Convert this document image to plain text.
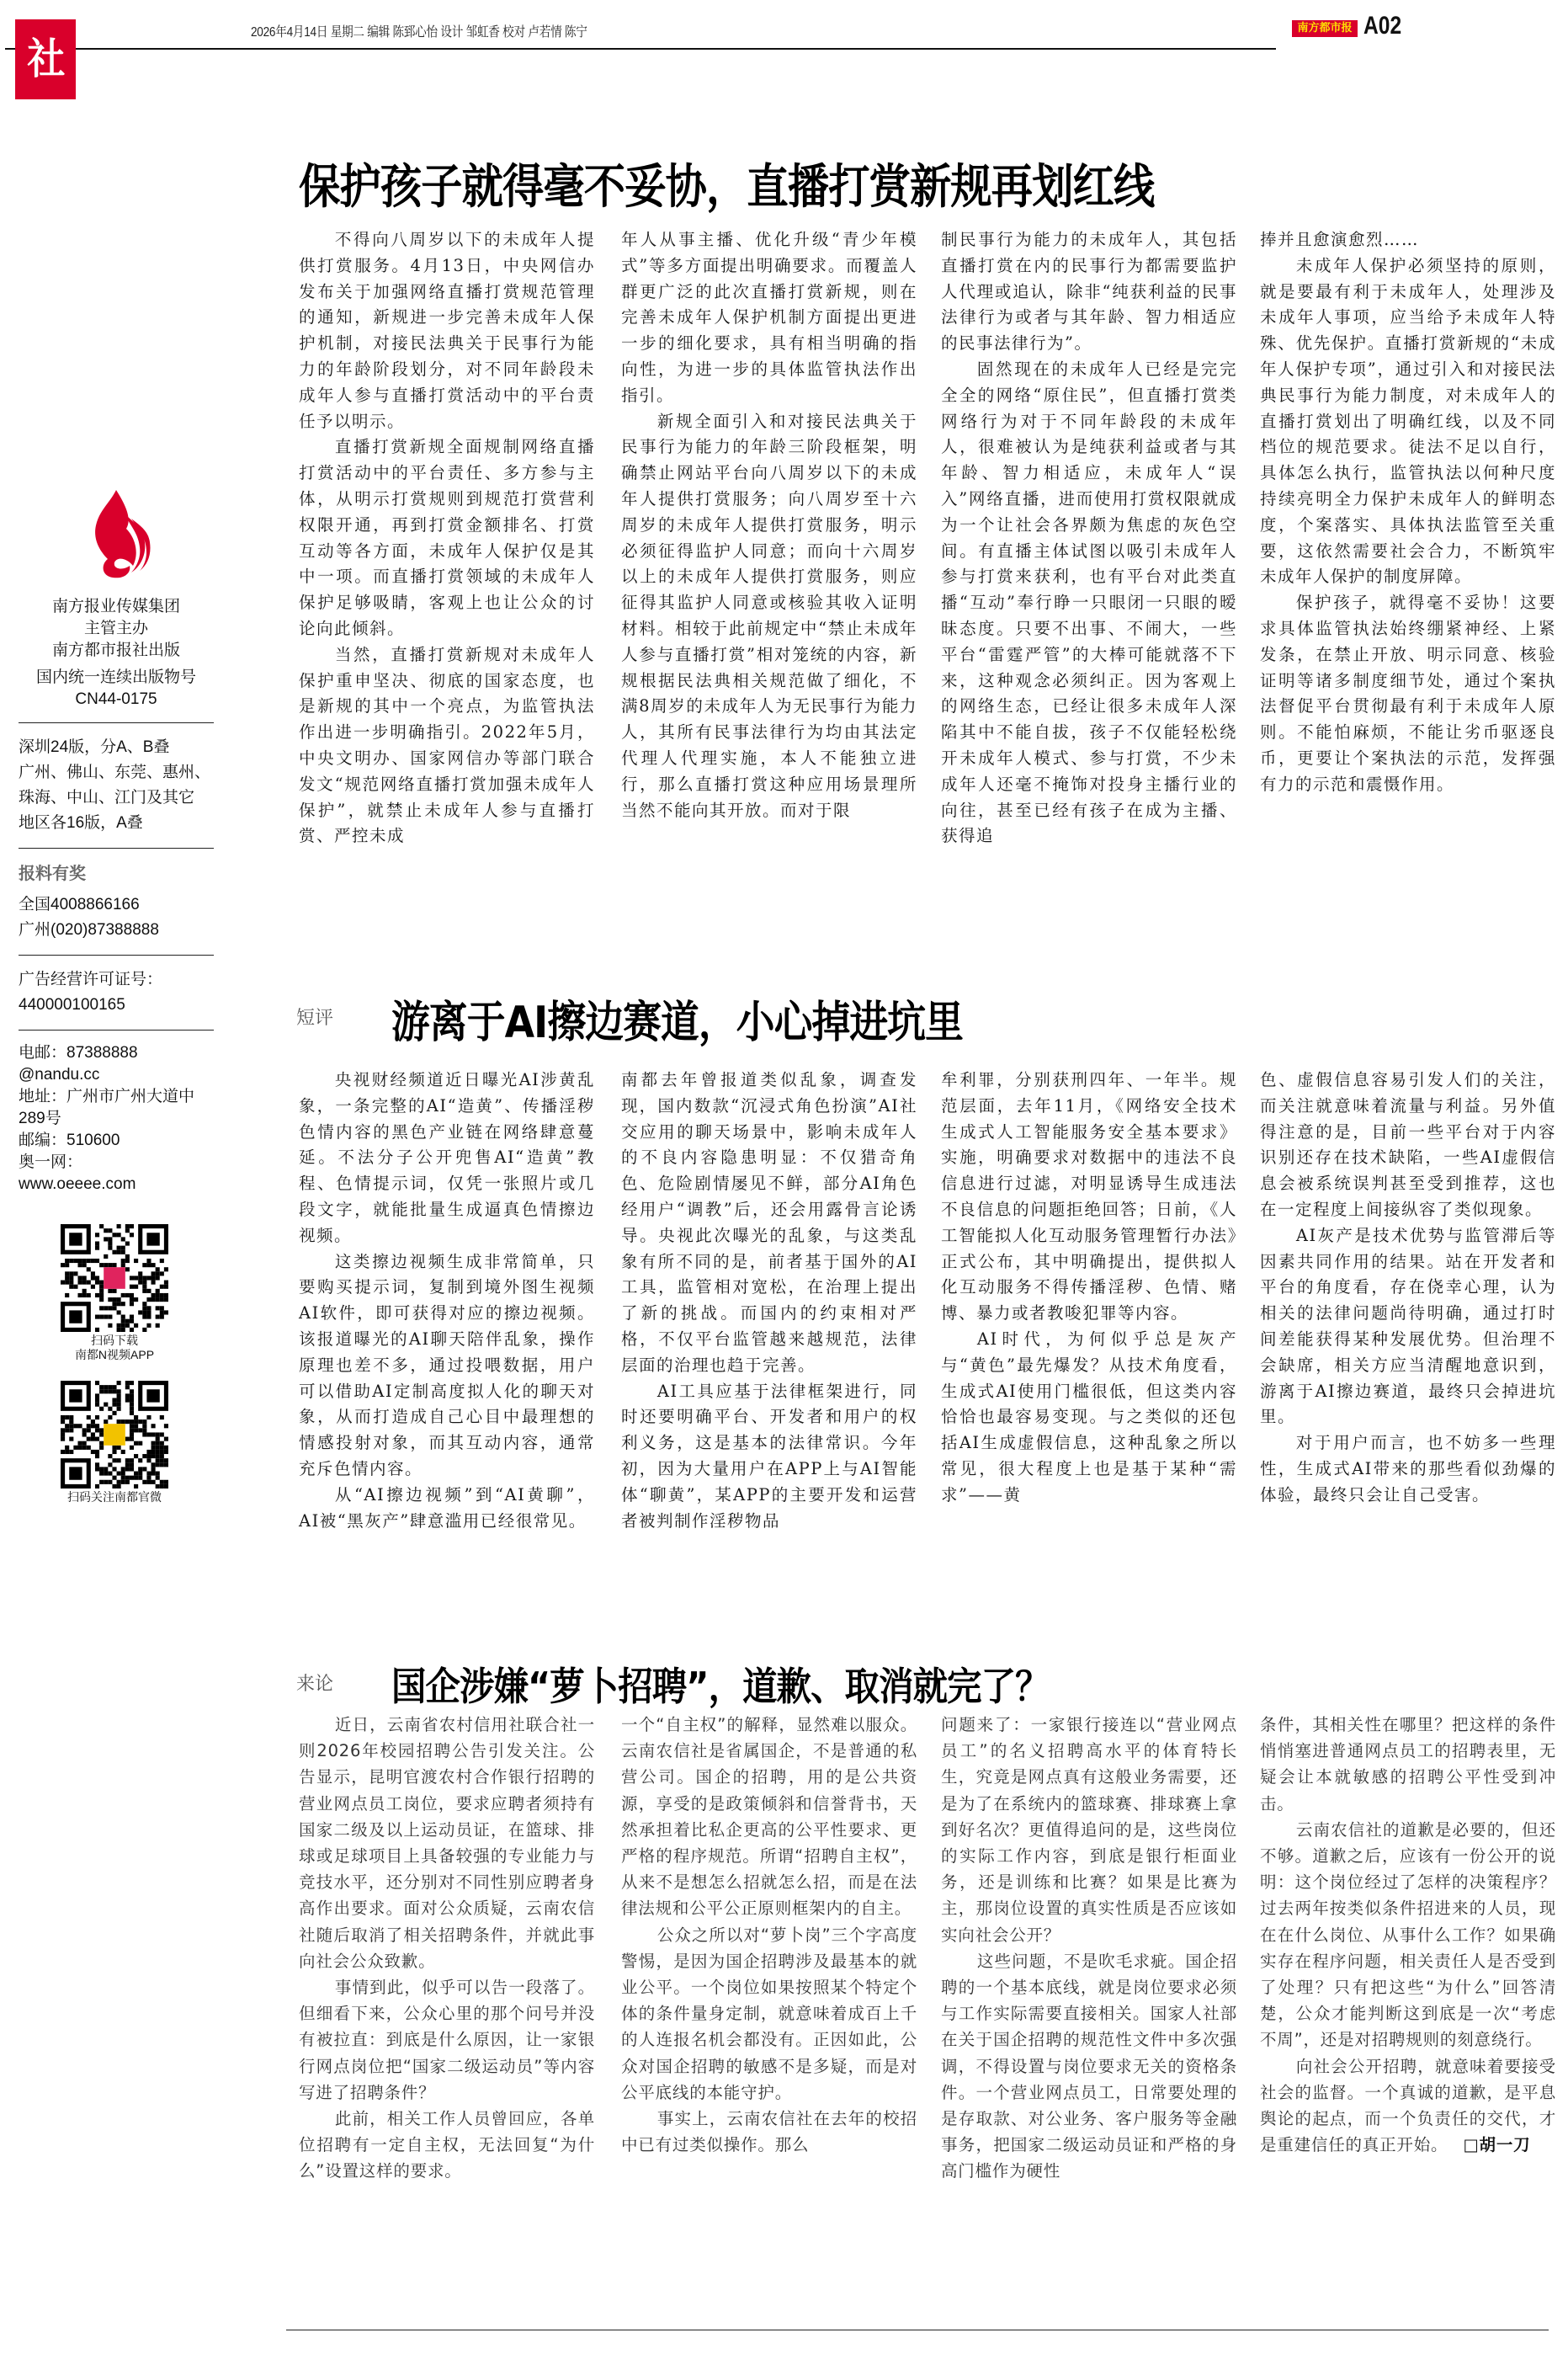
社论
2026年4月14日 星期二 编辑 陈郅心怡 设计 邹虹香 校对 卢若情 陈宁	南方都市报 A02
南方报业传媒集团
主管主办
南方都市报社出版
国内统一连续出版物号
CN44-0175
深圳24版，分A、B叠
广州、佛山、东莞、惠州、
珠海、中山、江门及其它
地区各16版，A叠
报料有奖
全国4008866166
广州(020)87388888
广告经营许可证号：
440000100165
电邮：87388888
@nandu.cc
地址：广州市广州大道中
289号
邮编：510600
奥一网：
www.oeeee.com
扫码下载
南都N视频APP
扫码关注南都官微
保护孩子就得毫不妥协，直播打赏新规再划红线

不得向八周岁以下的未成年人提供打赏服务。4月13日，中央网信办发布关于加强网络直播打赏规范管理的通知，新规进一步完善未成年人保护机制，对接民法典关于民事行为能力的年龄阶段划分，对不同年龄段未成年人参与直播打赏活动中的平台责任予以明示。

直播打赏新规全面规制网络直播打赏活动中的平台责任、多方参与主体，从明示打赏规则到规范打赏营利权限开通，再到打赏金额排名、打赏互动等各方面，未成年人保护仅是其中一项。而直播打赏领域的未成年人保护足够吸睛，客观上也让公众的讨论向此倾斜。

当然，直播打赏新规对未成年人保护重申坚决、彻底的国家态度，也是新规的其中一个亮点，为监管执法作出进一步明确指引。2022年5月，中央文明办、国家网信办等部门联合发文“规范网络直播打赏加强未成年人保护”，就禁止未成年人参与直播打赏、严控未成

年人从事主播、优化升级“青少年模式”等多方面提出明确要求。而覆盖人群更广泛的此次直播打赏新规，则在完善未成年人保护机制方面提出更进一步的细化要求，具有相当明确的指向性，为进一步的具体监管执法作出指引。

新规全面引入和对接民法典关于民事行为能力的年龄三阶段框架，明确禁止网站平台向八周岁以下的未成年人提供打赏服务；向八周岁至十六周岁的未成年人提供打赏服务，明示必须征得监护人同意；而向十六周岁以上的未成年人提供打赏服务，则应征得其监护人同意或核验其收入证明材料。相较于此前规定中“禁止未成年人参与直播打赏”相对笼统的内容，新规根据民法典相关规范做了细化，不满8周岁的未成年人为无民事行为能力人，其所有民事法律行为均由其法定代理人代理实施，本人不能独立进行，那么直播打赏这种应用场景理所当然不能向其开放。而对于限

制民事行为能力的未成年人，其包括直播打赏在内的民事行为都需要监护人代理或追认，除非“纯获利益的民事法律行为或者与其年龄、智力相适应的民事法律行为”。

固然现在的未成年人已经是完完全全的网络“原住民”，但直播打赏类网络行为对于不同年龄段的未成年人，很难被认为是纯获利益或者与其年龄、智力相适应，未成年人“误入”网络直播，进而使用打赏权限就成为一个让社会各界颇为焦虑的灰色空间。有直播主体试图以吸引未成年人参与打赏来获利，也有平台对此类直播“互动”奉行睁一只眼闭一只眼的暧昧态度。只要不出事、不闹大，一些平台“雷霆严管”的大棒可能就落不下来，这种观念必须纠正。因为客观上的网络生态，已经让很多未成年人深陷其中不能自拔，孩子不仅能轻松绕开未成年人模式、参与打赏，不少未成年人还毫不掩饰对投身主播行业的向往，甚至已经有孩子在成为主播、获得追

捧并且愈演愈烈……

未成年人保护必须坚持的原则，就是要最有利于未成年人，处理涉及未成年人事项，应当给予未成年人特殊、优先保护。直播打赏新规的“未成年人保护专项”，通过引入和对接民法典民事行为能力制度，对未成年人的直播打赏划出了明确红线，以及不同档位的规范要求。徒法不足以自行，具体怎么执行，监管执法以何种尺度持续亮明全力保护未成年人的鲜明态度，个案落实、具体执法监管至关重要，这依然需要社会合力，不断筑牢未成年人保护的制度屏障。

保护孩子，就得毫不妥协！这要求具体监管执法始终绷紧神经、上紧发条，在禁止开放、明示同意、核验证明等诸多制度细节处，通过个案执法督促平台贯彻最有利于未成年人原则。不能怕麻烦，不能让劣币驱逐良币，更要让个案执法的示范，发挥强有力的示范和震慑作用。

短评 游离于AI擦边赛道，小心掉进坑里

央视财经频道近日曝光AI涉黄乱象，一条完整的AI“造黄”、传播淫秽色情内容的黑色产业链在网络肆意蔓延。不法分子公开兜售AI“造黄”教程、色情提示词，仅凭一张照片或几段文字，就能批量生成逼真色情擦边视频。

这类擦边视频生成非常简单，只要购买提示词，复制到境外图生视频AI软件，即可获得对应的擦边视频。该报道曝光的AI聊天陪伴乱象，操作原理也差不多，通过投喂数据，用户可以借助AI定制高度拟人化的聊天对象，从而打造成自己心目中最理想的情感投射对象，而其互动内容，通常充斥色情内容。

从“AI擦边视频”到“AI黄聊”，AI被“黑灰产”肆意滥用已经很常见。

南都去年曾报道类似乱象，调查发现，国内数款“沉浸式角色扮演”AI社交应用的聊天场景中，影响未成年人的不良内容隐患明显：不仅猎奇角色、危险剧情屡见不鲜，部分AI角色经用户“调教”后，还会用露骨言论诱导。央视此次曝光的乱象，与这类乱象有所不同的是，前者基于国外的AI工具，监管相对宽松，在治理上提出了新的挑战。而国内的约束相对严格，不仅平台监管越来越规范，法律层面的治理也趋于完善。

AI工具应基于法律框架进行，同时还要明确平台、开发者和用户的权利义务，这是基本的法律常识。今年初，因为大量用户在APP上与AI智能体“聊黄”，某APP的主要开发和运营者被判制作淫秽物品

牟利罪，分别获刑四年、一年半。规范层面，去年11月，《网络安全技术 生成式人工智能服务安全基本要求》实施，明确要求对数据中的违法不良信息进行过滤，对明显诱导生成违法不良信息的问题拒绝回答；日前，《人工智能拟人化互动服务管理暂行办法》正式公布，其中明确提出，提供拟人化互动服务不得传播淫秽、色情、赌博、暴力或者教唆犯罪等内容。

AI时代，为何似乎总是灰产与“黄色”最先爆发？从技术角度看，生成式AI使用门槛很低，但这类内容恰恰也最容易变现。与之类似的还包括AI生成虚假信息，这种乱象之所以常见，很大程度上也是基于某种“需求”——黄

色、虚假信息容易引发人们的关注，而关注就意味着流量与利益。另外值得注意的是，目前一些平台对于内容识别还存在技术缺陷，一些AI虚假信息会被系统误判甚至受到推荐，这也在一定程度上间接纵容了类似现象。

AI灰产是技术优势与监管滞后等因素共同作用的结果。站在开发者和平台的角度看，存在侥幸心理，认为相关的法律问题尚待明确，通过打时间差能获得某种发展优势。但治理不会缺席，相关方应当清醒地意识到，游离于AI擦边赛道，最终只会掉进坑里。

对于用户而言，也不妨多一些理性，生成式AI带来的那些看似劲爆的体验，最终只会让自己受害。

来论 国企涉嫌“萝卜招聘”，道歉、取消就完了？

近日，云南省农村信用社联合社一则2026年校园招聘公告引发关注。公告显示，昆明官渡农村合作银行招聘的营业网点员工岗位，要求应聘者须持有国家二级及以上运动员证，在篮球、排球或足球项目上具备较强的专业能力与竞技水平，还分别对不同性别应聘者身高作出要求。面对公众质疑，云南农信社随后取消了相关招聘条件，并就此事向社会公众致歉。

事情到此，似乎可以告一段落了。但细看下来，公众心里的那个问号并没有被拉直：到底是什么原因，让一家银行网点岗位把“国家二级运动员”等内容写进了招聘条件？

此前，相关工作人员曾回应，各单位招聘有一定自主权，无法回复“为什么”设置这样的要求。

一个“自主权”的解释，显然难以服众。云南农信社是省属国企，不是普通的私营公司。国企的招聘，用的是公共资源，享受的是政策倾斜和信誉背书，天然承担着比私企更高的公平性要求、更严格的程序规范。所谓“招聘自主权”，从来不是想怎么招就怎么招，而是在法律法规和公平公正原则框架内的自主。

公众之所以对“萝卜岗”三个字高度警惕，是因为国企招聘涉及最基本的就业公平。一个岗位如果按照某个特定个体的条件量身定制，就意味着成百上千的人连报名机会都没有。正因如此，公众对国企招聘的敏感不是多疑，而是对公平底线的本能守护。

事实上，云南农信社在去年的校招中已有过类似操作。那么

问题来了：一家银行接连以“营业网点员工”的名义招聘高水平的体育特长生，究竟是网点真有这般业务需要，还是为了在系统内的篮球赛、排球赛上拿到好名次？更值得追问的是，这些岗位的实际工作内容，到底是银行柜面业务，还是训练和比赛？如果是比赛为主，那岗位设置的真实性质是否应该如实向社会公开？

这些问题，不是吹毛求疵。国企招聘的一个基本底线，就是岗位要求必须与工作实际需要直接相关。国家人社部在关于国企招聘的规范性文件中多次强调，不得设置与岗位要求无关的资格条件。一个营业网点员工，日常要处理的是存取款、对公业务、客户服务等金融事务，把国家二级运动员证和严格的身高门槛作为硬性

条件，其相关性在哪里？把这样的条件悄悄塞进普通网点员工的招聘表里，无疑会让本就敏感的招聘公平性受到冲击。

云南农信社的道歉是必要的，但还不够。道歉之后，应该有一份公开的说明：这个岗位经过了怎样的决策程序？过去两年按类似条件招进来的人员，现在在什么岗位、从事什么工作？如果确实存在程序问题，相关责任人是否受到了处理？只有把这些“为什么”回答清楚，公众才能判断这到底是一次“考虑不周”，还是对招聘规则的刻意绕行。

向社会公开招聘，就意味着要接受社会的监督。一个真诚的道歉，是平息舆论的起点，而一个负责任的交代，才是重建信任的真正开始。 □胡一刀
